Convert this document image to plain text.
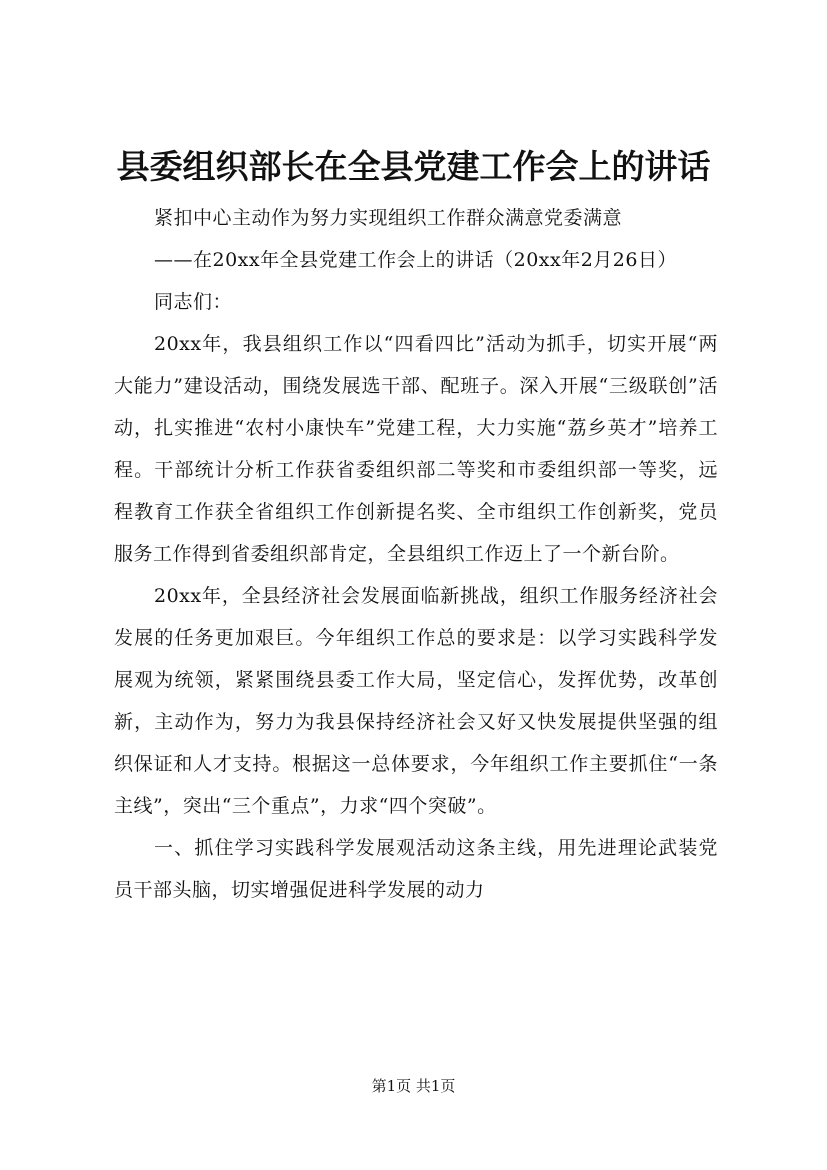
县委组织部长在全县党建工作会上的讲话

紧扣中心主动作为努力实现组织工作群众满意党委满意

——在20xx年全县党建工作会上的讲话（20xx年2月26日）

同志们：

20xx年，我县组织工作以“四看四比”活动为抓手，切实开展“两大能力”建设活动，围绕发展选干部、配班子。深入开展“三级联创”活动，扎实推进“农村小康快车”党建工程，大力实施“荔乡英才”培养工程。干部统计分析工作获省委组织部二等奖和市委组织部一等奖，远程教育工作获全省组织工作创新提名奖、全市组织工作创新奖，党员服务工作得到省委组织部肯定，全县组织工作迈上了一个新台阶。

20xx年，全县经济社会发展面临新挑战，组织工作服务经济社会发展的任务更加艰巨。今年组织工作总的要求是：以学习实践科学发展观为统领，紧紧围绕县委工作大局，坚定信心，发挥优势，改革创新，主动作为，努力为我县保持经济社会又好又快发展提供坚强的组织保证和人才支持。根据这一总体要求，今年组织工作主要抓住“一条主线”，突出“三个重点”，力求“四个突破”。

一、抓住学习实践科学发展观活动这条主线，用先进理论武装党员干部头脑，切实增强促进科学发展的动力

第1页 共1页
